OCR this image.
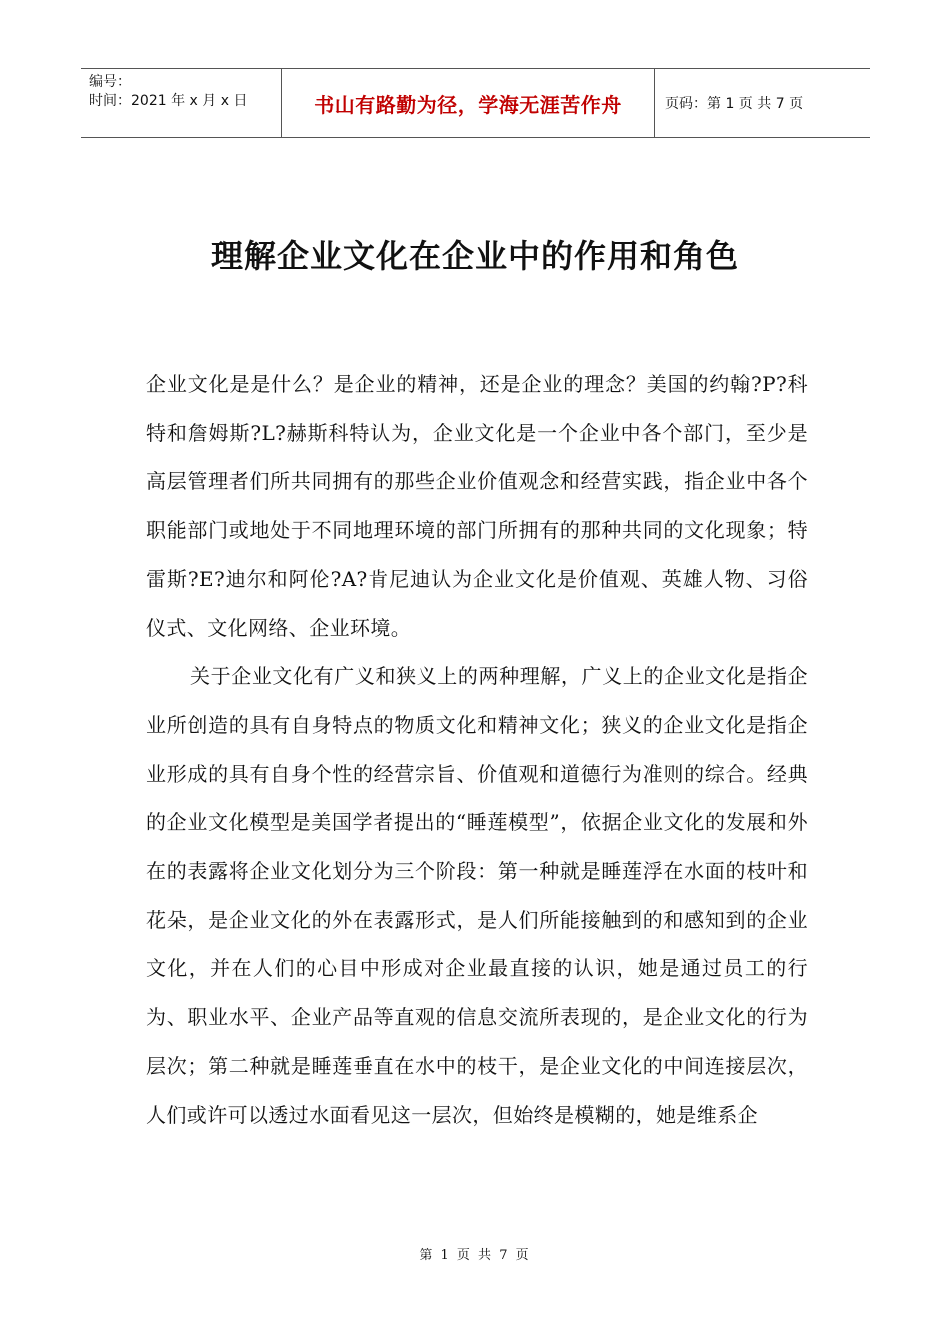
编号：
时间：2021 年 x 月 x 日	书山有路勤为径，学海无涯苦作舟	页码：第 1 页 共 7 页
理解企业文化在企业中的作用和角色

企业文化是是什么？是企业的精神，还是企业的理念？美国的约翰?P?科特和詹姆斯?L?赫斯科特认为，企业文化是一个企业中各个部门，至少是高层管理者们所共同拥有的那些企业价值观念和经营实践，指企业中各个职能部门或地处于不同地理环境的部门所拥有的那种共同的文化现象；特雷斯?E?迪尔和阿伦?A?肯尼迪认为企业文化是价值观、英雄人物、习俗仪式、文化网络、企业环境。

关于企业文化有广义和狭义上的两种理解，广义上的企业文化是指企业所创造的具有自身特点的物质文化和精神文化；狭义的企业文化是指企业形成的具有自身个性的经营宗旨、价值观和道德行为准则的综合。经典的企业文化模型是美国学者提出的“睡莲模型”，依据企业文化的发展和外在的表露将企业文化划分为三个阶段：第一种就是睡莲浮在水面的枝叶和花朵，是企业文化的外在表露形式，是人们所能接触到的和感知到的企业文化，并在人们的心目中形成对企业最直接的认识，她是通过员工的行为、职业水平、企业产品等直观的信息交流所表现的，是企业文化的行为层次；第二种就是睡莲垂直在水中的枝干，是企业文化的中间连接层次，人们或许可以透过水面看见这一层次，但始终是模糊的，她是维系企

第 1 页 共 7 页
